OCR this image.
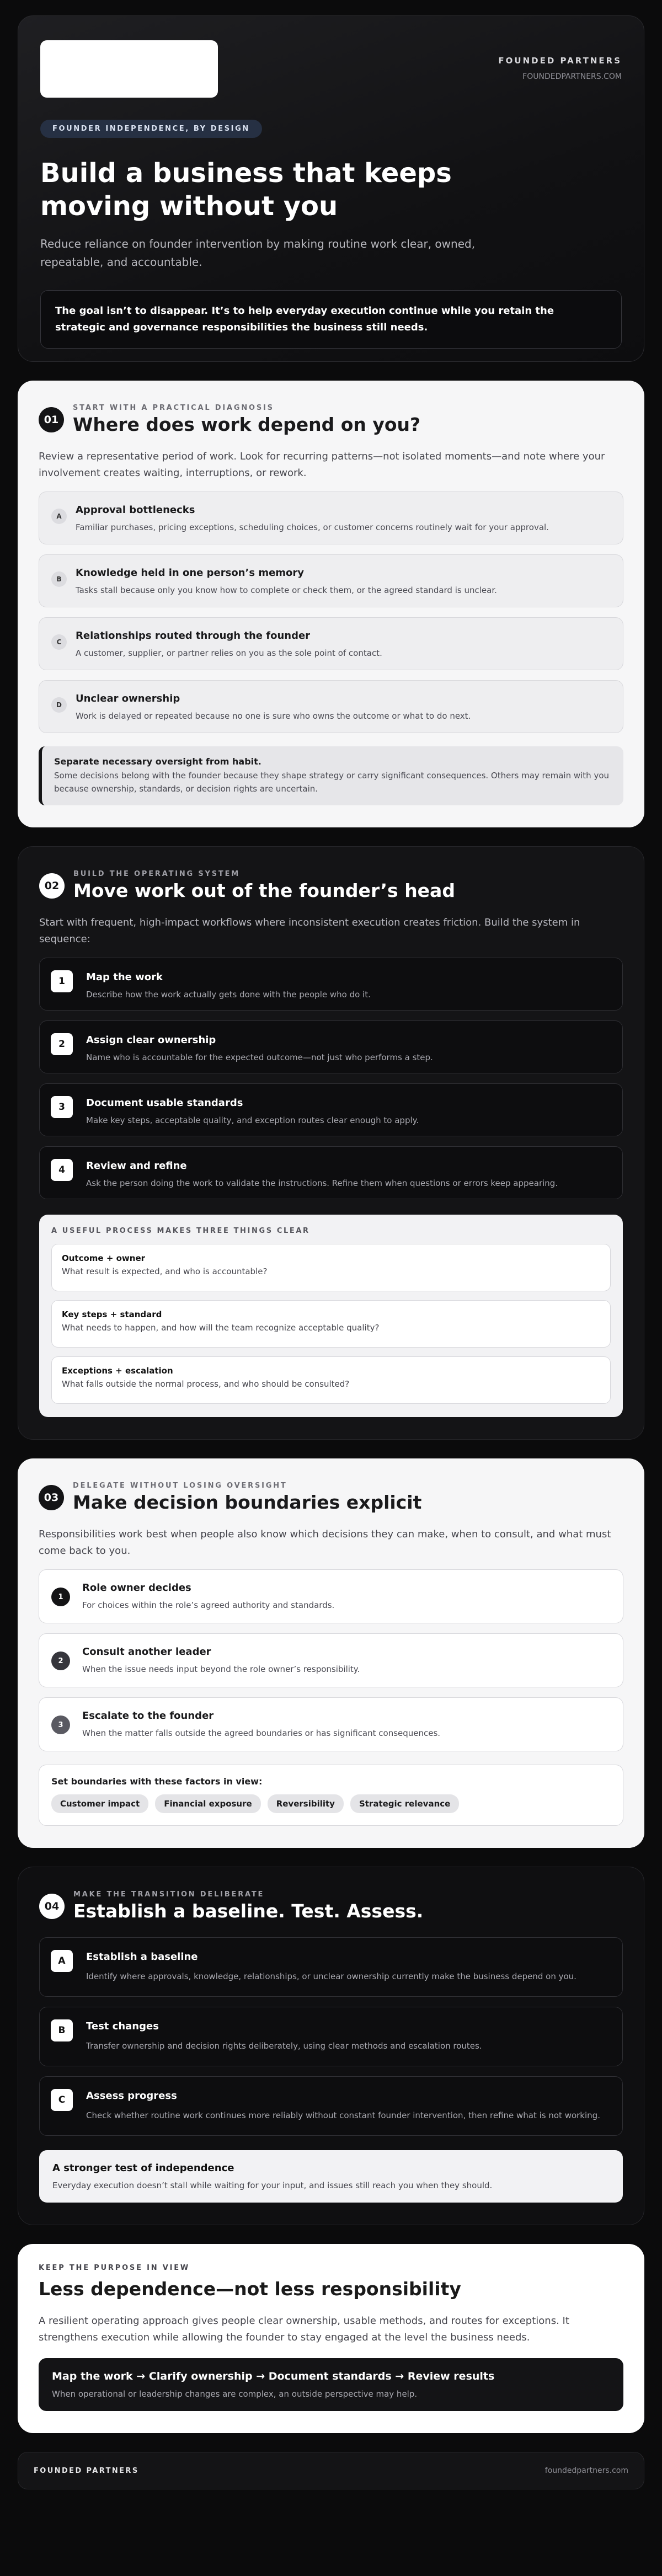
FOUNDED PARTNERS
FOUNDEDPARTNERS.COM
FOUNDER INDEPENDENCE, BY DESIGN
Build a business that keeps moving without you
Reduce reliance on founder intervention by making routine work clear, owned, repeatable, and accountable.
The goal isn’t to disappear. It’s to help everyday execution continue while you retain the strategic and governance responsibilities the business still needs.
01
START WITH A PRACTICAL DIAGNOSIS
Where does work depend on you?
Review a representative period of work. Look for recurring patterns—not isolated moments—and note where your involvement creates waiting, interruptions, or rework.
A
Approval bottlenecks
Familiar purchases, pricing exceptions, scheduling choices, or customer concerns routinely wait for your approval.
B
Knowledge held in one person’s memory
Tasks stall because only you know how to complete or check them, or the agreed standard is unclear.
C
Relationships routed through the founder
A customer, supplier, or partner relies on you as the sole point of contact.
D
Unclear ownership
Work is delayed or repeated because no one is sure who owns the outcome or what to do next.
Separate necessary oversight from habit.
Some decisions belong with the founder because they shape strategy or carry significant consequences. Others may remain with you because ownership, standards, or decision rights are uncertain.
02
BUILD THE OPERATING SYSTEM
Move work out of the founder’s head
Start with frequent, high-impact workflows where inconsistent execution creates friction. Build the system in sequence:
1	Map the work
Describe how the work actually gets done with the people who do it.
2	Assign clear ownership
Name who is accountable for the expected outcome—not just who performs a step.
3	Document usable standards
Make key steps, acceptable quality, and exception routes clear enough to apply.
4	Review and refine
Ask the person doing the work to validate the instructions. Refine them when questions or errors keep appearing.
A USEFUL PROCESS MAKES THREE THINGS CLEAR
Outcome + owner
What result is expected, and who is accountable?
Key steps + standard
What needs to happen, and how will the team recognize acceptable quality?
Exceptions + escalation
What falls outside the normal process, and who should be consulted?
03
DELEGATE WITHOUT LOSING OVERSIGHT
Make decision boundaries explicit
Responsibilities work best when people also know which decisions they can make, when to consult, and what must come back to you.
1
Role owner decides
For choices within the role’s agreed authority and standards.
2
Consult another leader
When the issue needs input beyond the role owner’s responsibility.
3
Escalate to the founder
When the matter falls outside the agreed boundaries or has significant consequences.
Set boundaries with these factors in view:
Customer impact	Financial exposure	Reversibility	Strategic relevance
04
MAKE THE TRANSITION DELIBERATE
Establish a baseline. Test. Assess.
A	Establish a baseline
Identify where approvals, knowledge, relationships, or unclear ownership currently make the business depend on you.
B	Test changes
Transfer ownership and decision rights deliberately, using clear methods and escalation routes.
C	Assess progress
Check whether routine work continues more reliably without constant founder intervention, then refine what is not working.
A stronger test of independence
Everyday execution doesn’t stall while waiting for your input, and issues still reach you when they should.
KEEP THE PURPOSE IN VIEW
Less dependence—not less responsibility
A resilient operating approach gives people clear ownership, usable methods, and routes for exceptions. It strengthens execution while allowing the founder to stay engaged at the level the business needs.
Map the work → Clarify ownership → Document standards → Review results
When operational or leadership changes are complex, an outside perspective may help.
FOUNDED PARTNERS	foundedpartners.com
